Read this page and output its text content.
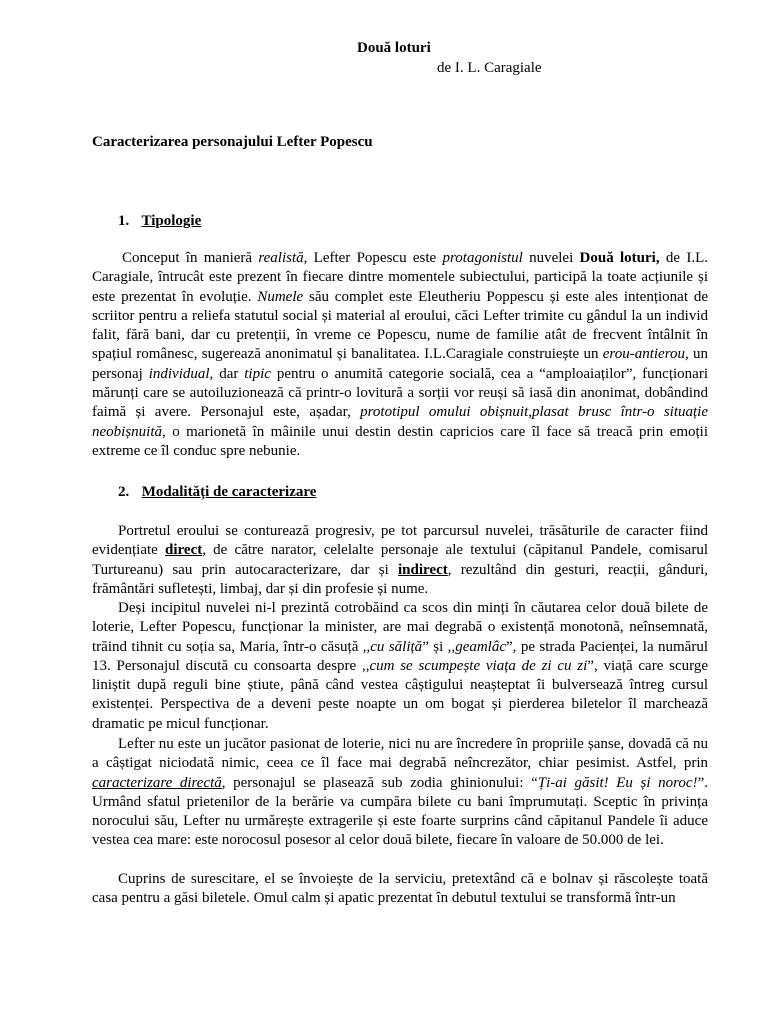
Două loturi
de I. L. Caragiale
Caracterizarea personajului Lefter Popescu
1. Tipologie

Conceput în manieră realistă, Lefter Popescu este protagonistul nuvelei Două loturi, de I.L. Caragiale, întrucât este prezent în fiecare dintre momentele subiectului, participă la toate acțiunile și este prezentat în evoluție. Numele său complet este Eleutheriu Poppescu și este ales intenționat de scriitor pentru a reliefa statutul social și material al eroului, căci Lefter trimite cu gândul la un individ falit, fără bani, dar cu pretenții, în vreme ce Popescu, nume de familie atât de frecvent întâlnit în spațiul românesc, sugerează anonimatul și banalitatea. I.L.Caragiale construiește un erou-antierou, un personaj individual, dar tipic pentru o anumită categorie socială, cea a “amploaiaților”, funcționari mărunți care se autoiluzionează că printr-o lovitură a sorții vor reuși să iasă din anonimat, dobândind faimă și avere. Personajul este, așadar, prototipul omului obișnuit,plasat brusc într-o situație neobișnuită, o marionetă în mâinile unui destin destin capricios care îl face să treacă prin emoții extreme ce îl conduc spre nebunie.

2. Modalități de caracterizare

Portretul eroului se conturează progresiv, pe tot parcursul nuvelei, trăsăturile de caracter fiind evidențiate direct, de către narator, celelalte personaje ale textului (căpitanul Pandele, comisarul Turtureanu) sau prin autocaracterizare, dar și indirect, rezultând din gesturi, reacții, gânduri, frământări sufletești, limbaj, dar și din profesie și nume.

Deși incipitul nuvelei ni-l prezintă cotrobăind ca scos din minți în căutarea celor două bilete de loterie, Lefter Popescu, funcționar la minister, are mai degrabă o existență monotonă, neînsemnată, trăind tihnit cu soția sa, Maria, într-o căsuță ,,cu săliță” și ,,geamlâc”, pe strada Pacienței, la numărul 13. Personajul discută cu consoarta despre ,,cum se scumpește viața de zi cu zi”, viață care scurge liniștit după reguli bine știute, până când vestea câștigului neașteptat îi bulversează întreg cursul existenței. Perspectiva de a deveni peste noapte un om bogat și pierderea biletelor îl marchează dramatic pe micul funcționar.

Lefter nu este un jucător pasionat de loterie, nici nu are încredere în propriile șanse, dovadă că nu a câștigat niciodată nimic, ceea ce îl face mai degrabă neîncrezător, chiar pesimist. Astfel, prin caracterizare directă, personajul se plasează sub zodia ghinionului: “Ți-ai găsit! Eu și noroc!”. Urmând sfatul prietenilor de la berărie va cumpăra bilete cu bani împrumutați. Sceptic în privința norocului său, Lefter nu urmărește extragerile și este foarte surprins când căpitanul Pandele îi aduce vestea cea mare: este norocosul posesor al celor două bilete, fiecare în valoare de 50.000 de lei.

Cuprins de surescitare, el se învoiește de la serviciu, pretextând că e bolnav și răscolește toată casa pentru a găsi biletele. Omul calm și apatic prezentat în debutul textului se transformă într-un
